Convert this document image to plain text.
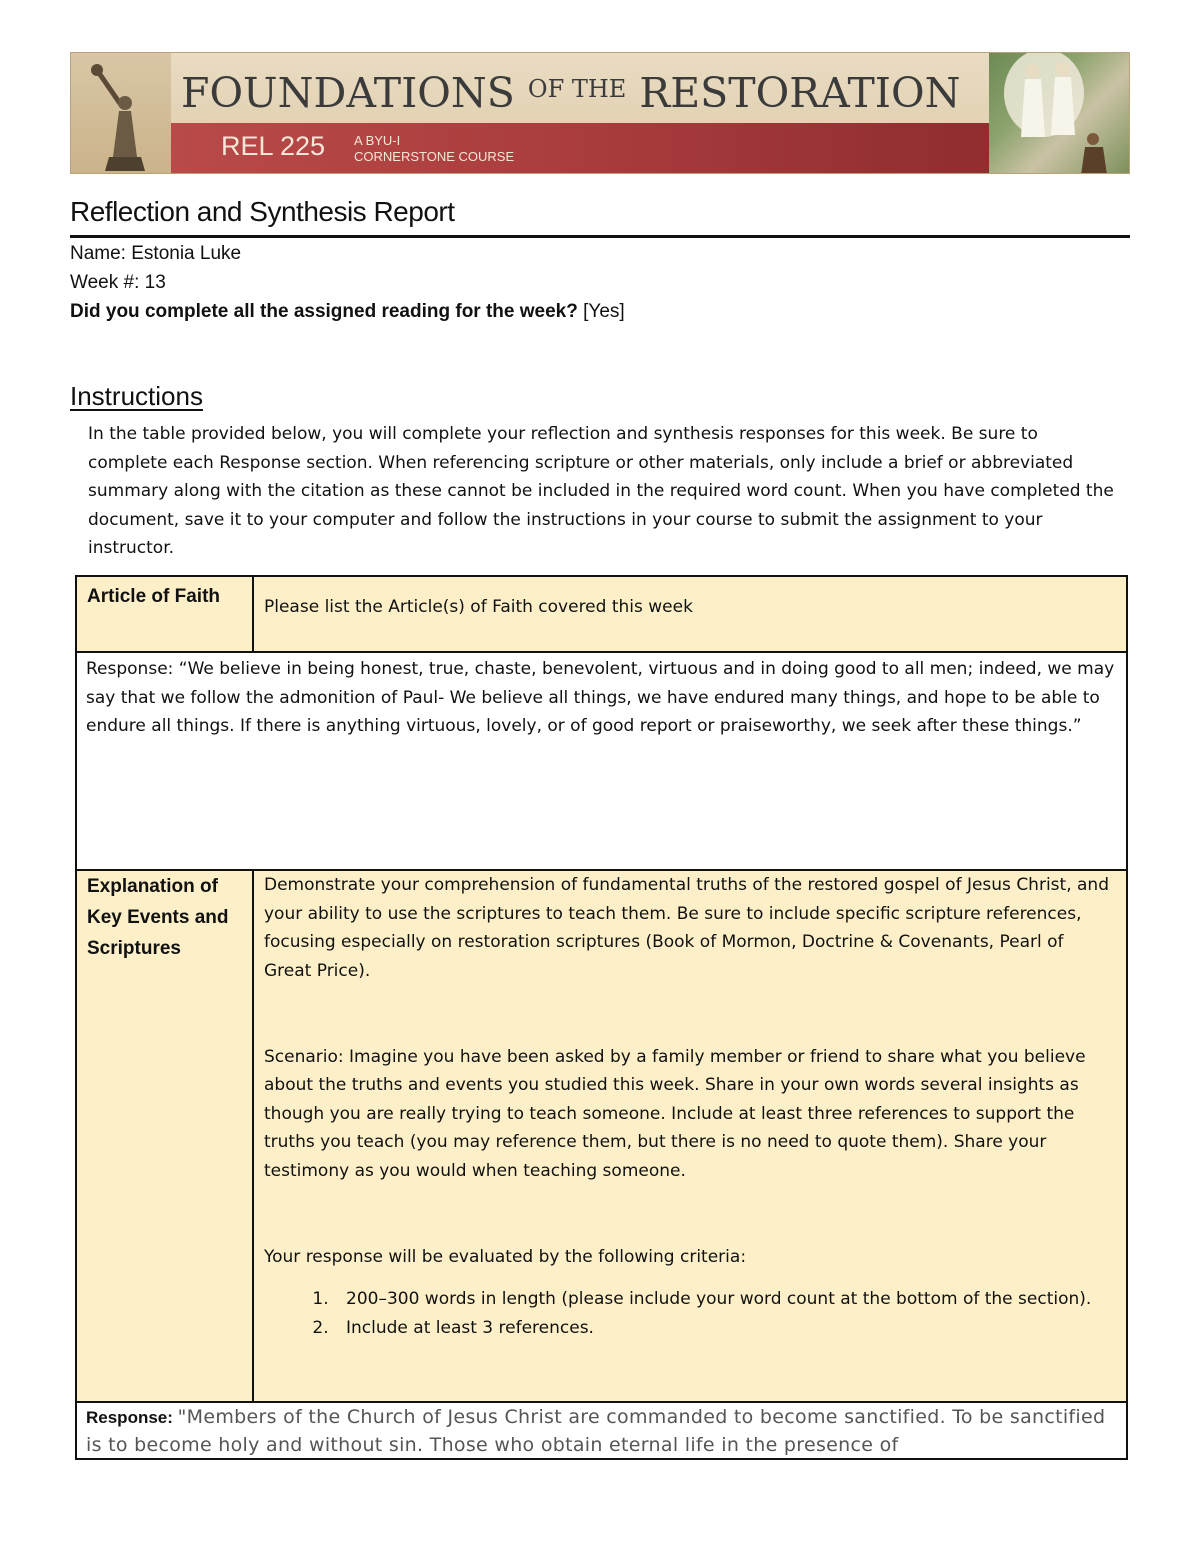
FOUNDATIONS $^{OF THE}$ RESTORATION
REL 225 A BYU-I
CORNERSTONE COURSE
Reflection and Synthesis Report
Name: Estonia Luke
Week #: 13
Did you complete all the assigned reading for the week? [Yes]
Instructions
In the table provided below, you will complete your reflection and synthesis responses for this week. Be sure to complete each Response section. When referencing scripture or other materials, only include a brief or abbreviated summary along with the citation as these cannot be included in the required word count. When you have completed the document, save it to your computer and follow the instructions in your course to submit the assignment to your instructor.
Article of Faith	Please list the Article(s) of Faith covered this week
Response: “We believe in being honest, true, chaste, benevolent, virtuous and in doing good to all men; indeed, we may say that we follow the admonition of Paul- We believe all things, we have endured many things, and hope to be able to endure all things. If there is anything virtuous, lovely, or of good report or praiseworthy, we seek after these things.”
Explanation of Key Events and Scriptures
Demonstrate your comprehension of fundamental truths of the restored gospel of Jesus Christ, and your ability to use the scriptures to teach them. Be sure to include specific scripture references, focusing especially on restoration scriptures (Book of Mormon, Doctrine & Covenants, Pearl of Great Price).
Scenario: Imagine you have been asked by a family member or friend to share what you believe about the truths and events you studied this week. Share in your own words several insights as though you are really trying to teach someone. Include at least three references to support the truths you teach (you may reference them, but there is no need to quote them). Share your testimony as you would when teaching someone.
Your response will be evaluated by the following criteria:
1. 200–300 words in length (please include your word count at the bottom of the section).
2. Include at least 3 references.
Response: "Members of the Church of Jesus Christ are commanded to become sanctified. To be sanctified is to become holy and without sin. Those who obtain eternal life in the presence of
